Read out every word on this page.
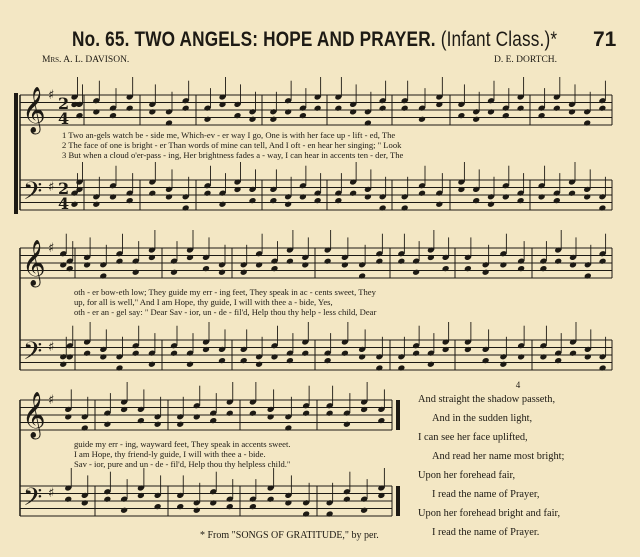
No. 65. TWO ANGELS: HOPE AND PRAYER. (Infant Class.)* 71
Mrs. A. L. DAVISON.	D. E. DORTCH.
𝄞
𝄢
♯
♯
2
4
2
4
𝄞
𝄢
♯
♯
𝄞
𝄢
♯
♯
1 Two an-gels watch be - side me, Which-ev - er way I go, One is with her face up - lift - ed, The
2 The face of one is bright - er Than words of mine can tell, And I oft - en hear her singing; " Look
3 But when a cloud o'er-pass - ing, Her brightness fades a - way, I can hear in accents ten - der, The
oth - er bow-eth low; They guide my err - ing feet, They speak in ac - cents sweet, They
up, for all is well," And I am Hope, thy guide, I will with thee a - bide, Yes,
oth - er an - gel say: " Dear Sav - ior, un - de - fil'd, Help thou thy help - less child, Dear
guide my err - ing, wayward feet, They speak in accents sweet.
I am Hope, thy friend-ly guide, I will with thee a - bide.
Sav - ior, pure and un - de - fil'd, Help thou thy helpless child."
4
And straight the shadow passeth,
And in the sudden light,
I can see her face uplifted,
And read her name most bright;
Upon her forehead fair,
I read the name of Prayer,
Upon her forehead bright and fair,
I read the name of Prayer.
* From "SONGS OF GRATITUDE," by per.
